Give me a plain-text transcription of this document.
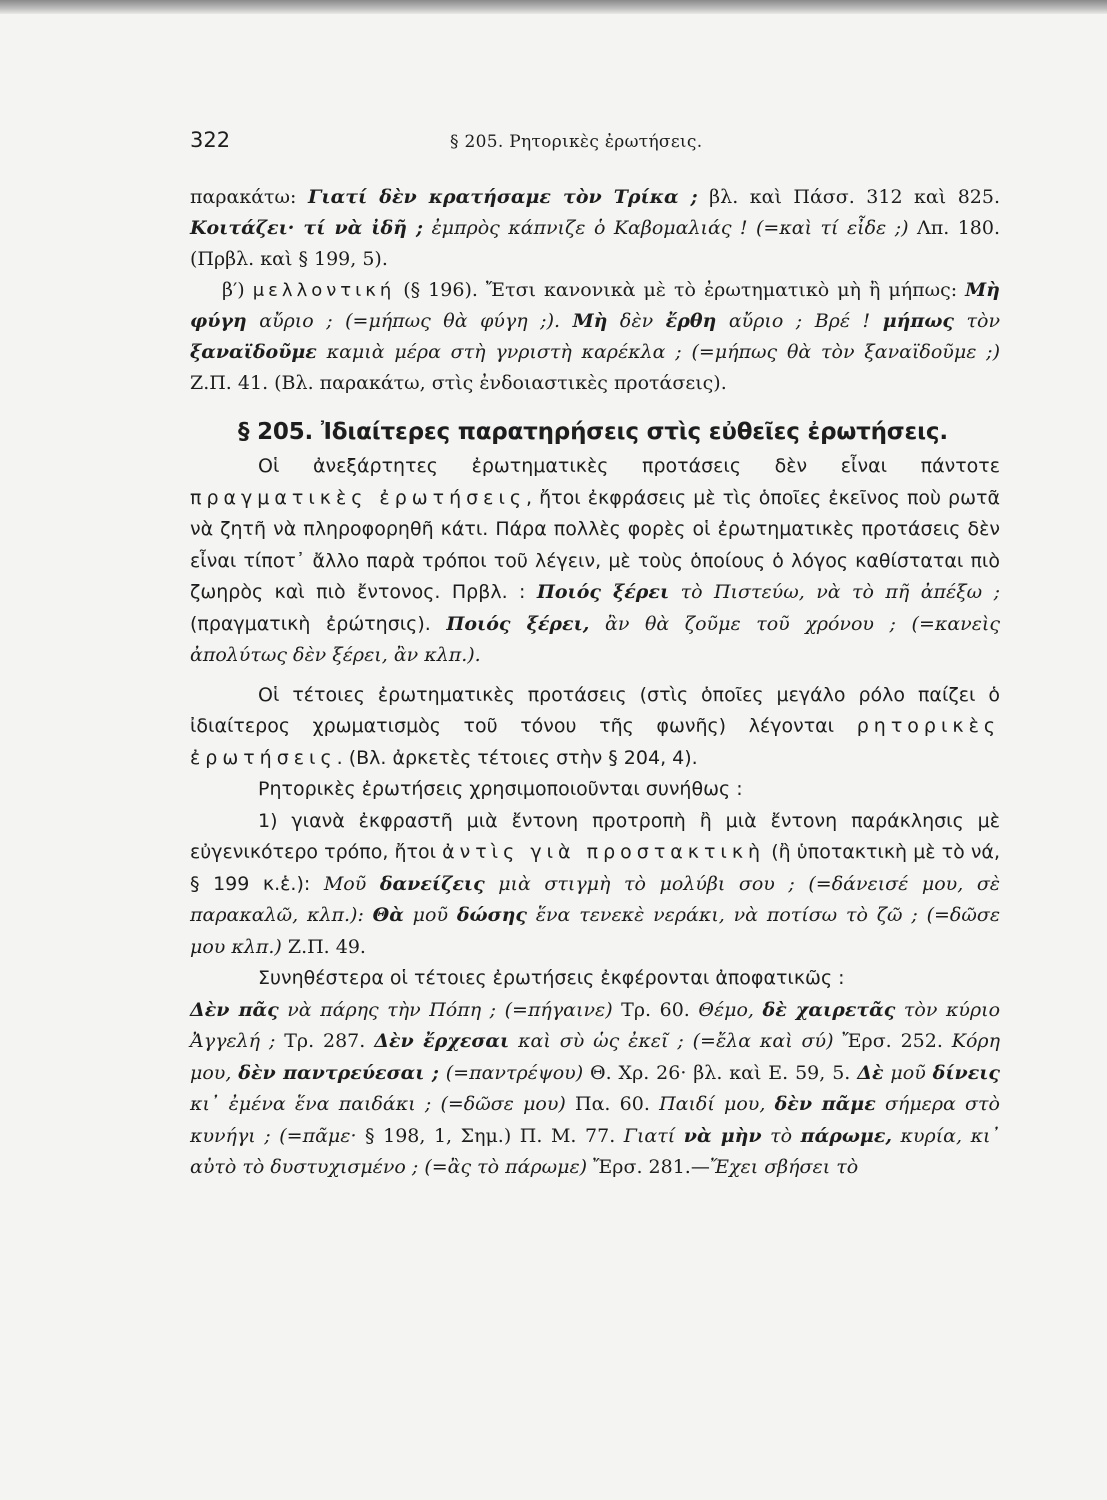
322	§ 205. Ρητορικὲς ἐρωτήσεις.

παρακάτω: Γιατί δὲν κρατήσαμε τὸν Τρίκα ; βλ. καὶ Πάσσ. 312 καὶ 825. Κοιτάζει· τί νὰ ἰδῆ ; ἐμπρὸς κάπνιζε ὁ Καβομαλιάς ! (=καὶ τί εἶδε ;) Λπ. 180. (Πρβλ. καὶ § 199, 5).

β′) μελλοντική (§ 196). Ἔτσι κανονικὰ μὲ τὸ ἐρωτηματικὸ μὴ ἢ μήπως: Μὴ φύγη αὔριο ; (=μήπως θὰ φύγη ;). Μὴ δὲν ἔρθη αὔριο ; Βρέ ! μήπως τὸν ξαναϊδοῦμε καμιὰ μέρα στὴ γνριστὴ καρέκλα ; (=μήπως θὰ τὸν ξαναϊδοῦμε ;) Ζ.Π. 41. (Βλ. παρακάτω, στὶς ἐνδοιαστικὲς προτάσεις).

§ 205. Ἰδιαίτερες παρατηρήσεις στὶς εὐθεῖες ἐρωτήσεις.

Οἱ ἀνεξάρτητες ἐρωτηματικὲς προτάσεις δὲν εἶναι πάντοτε πραγματικὲς ἐρωτήσεις, ἤτοι ἐκφράσεις μὲ τὶς ὁποῖες ἐκεῖνος ποὺ ρωτᾶ νὰ ζητῆ νὰ πληροφορηθῆ κάτι. Πάρα πολλὲς φορὲς οἱ ἐρωτηματικὲς προτάσεις δὲν εἶναι τίποτ᾽ ἄλλο παρὰ τρόποι τοῦ λέγειν, μὲ τοὺς ὁποίους ὁ λόγος καθίσταται πιὸ ζωηρὸς καὶ πιὸ ἔντονος. Πρβλ. : Ποιός ξέρει τὸ Πιστεύω, νὰ τὸ πῆ ἀπέξω ; (πραγματικὴ ἐρώτησις). Ποιός ξέρει, ἂν θὰ ζοῦμε τοῦ χρόνου ; (=κανεὶς ἀπολύτως δὲν ξέρει, ἂν κλπ.).

Οἱ τέτοιες ἐρωτηματικὲς προτάσεις (στὶς ὁποῖες μεγάλο ρόλο παίζει ὁ ἰδιαίτερος χρωματισμὸς τοῦ τόνου τῆς φωνῆς) λέγονται ρητορικὲς ἐρωτήσεις. (Βλ. ἀρκετὲς τέτοιες στὴν § 204, 4).

Ρητορικὲς ἐρωτήσεις χρησιμοποιοῦνται συνήθως :

1) γιανὰ ἐκφραστῆ μιὰ ἔντονη προτροπὴ ἢ μιὰ ἔντονη παράκλησις μὲ εὐγενικότερο τρόπο, ἤτοι ἀντὶς γιὰ προστακτικὴ (ἢ ὑποτακτικὴ μὲ τὸ νά, § 199 κ.ἑ.): Μοῦ δανείζεις μιὰ στιγμὴ τὸ μολύβι σου ; (=δάνεισέ μου, σὲ παρακαλῶ, κλπ.): Θὰ μοῦ δώσης ἕνα τενεκὲ νεράκι, νὰ ποτίσω τὸ ζῶ ; (=δῶσε μου κλπ.) Ζ.Π. 49.

Συνηθέστερα οἱ τέτοιες ἐρωτήσεις ἐκφέρονται ἀποφατικῶς :
Δὲν πᾶς νὰ πάρης τὴν Πόπη ; (=πήγαινε) Τρ. 60. Θέμο, δὲ χαιρετᾶς τὸν κύριο Ἀγγελή ; Τρ. 287. Δὲν ἔρχεσαι καὶ σὺ ὡς ἐκεῖ ; (=ἔλα καὶ σύ) Ἔρσ. 252. Κόρη μου, δὲν παντρεύεσαι ; (=παντρέψου) Θ. Χρ. 26· βλ. καὶ Ε. 59, 5. Δὲ μοῦ δίνεις κι᾽ ἐμένα ἕνα παιδάκι ; (=δῶσε μου) Πα. 60. Παιδί μου, δὲν πᾶμε σήμερα στὸ κυνήγι ; (=πᾶμε· § 198, 1, Σημ.) Π. Μ. 77. Γιατί νὰ μὴν τὸ πάρωμε, κυρία, κι᾽ αὐτὸ τὸ δυστυχισμένο ; (=ἂς τὸ πάρωμε) Ἔρσ. 281.—Ἔχει σβήσει τὸ
